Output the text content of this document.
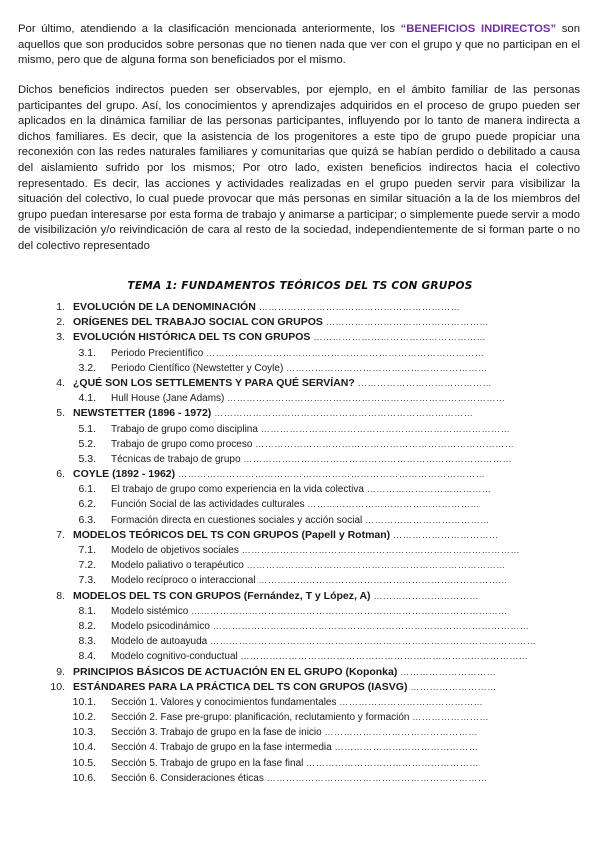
Por último, atendiendo a la clasificación mencionada anteriormente, los “BENEFICIOS INDIRECTOS” son aquellos que son producidos sobre personas que no tienen nada que ver con el grupo y que no participan en el mismo, pero que de alguna forma son beneficiados por el mismo.

Dichos beneficios indirectos pueden ser observables, por ejemplo, en el ámbito familiar de las personas participantes del grupo. Así, los conocimientos y aprendizajes adquiridos en el proceso de grupo pueden ser aplicados en la dinámica familiar de las personas participantes, influyendo por lo tanto de manera indirecta a dichos familiares. Es decir, que la asistencia de los progenitores a este tipo de grupo puede propiciar una reconexión con las redes naturales familiares y comunitarias que quizá se habían perdido o debilitado a causa del aislamiento sufrido por los mismos; Por otro lado, existen beneficios indirectos hacia el colectivo representado. Es decir, las acciones y actividades realizadas en el grupo pueden servir para visibilizar la situación del colectivo, lo cual puede provocar que más personas en similar situación a la de los miembros del grupo puedan interesarse por esta forma de trabajo y animarse a participar; o simplemente puede servir a modo de visibilización y/o reivindicación de cara al resto de la sociedad, independientemente de si forman parte o no del colectivo representado

TEMA 1: FUNDAMENTOS TEÓRICOS DEL TS CON GRUPOS
1. EVOLUCIÓN DE LA DENOMINACIÓN ………………………………………………………
2. ORÍGENES DEL TRABAJO SOCIAL CON GRUPOS ……………………………………………
3. EVOLUCIÓN HISTÓRICA DEL TS CON GRUPOS ………………………………………………
3.1. Periodo Precientífico ……………………………………………………………………………
3.2. Periodo Científico (Newstetter y Coyle) ………………………………………………………
4. ¿QUÉ SON LOS SETTLEMENTS Y PARA QUÉ SERVÍAN? ……………………………………
4.1. Hull House (Jane Adams) ……………………………………………………………………………
5. NEWSTETTER (1896 - 1972) ………………………………………………………………………
5.1. Trabajo de grupo como disciplina ……………………………………………………………………
5.2. Trabajo de grupo como proceso ………………………………………………………………………
5.3. Técnicas de trabajo de grupo …………………………………………………………………………
6. COYLE (1892 - 1962) ……………………………………………………………………………………
6.1. El trabajo de grupo como experiencia en la vida colectiva …………………………………
6.2. Función Social de las actividades culturales ………………………………………………
6.3. Formación directa en cuestiones sociales y acción social …………………………………
7. MODELOS TEÓRICOS DEL TS CON GRUPOS (Papell y Rotman) ……………………………
7.1. Modelo de objetivos sociales ……………………………………………………………………………
7.2. Modelo paliativo o terapéutico ………………………………………………………………………
7.3. Modelo recíproco o interaccional ……………………………………………………………………
8. MODELOS DEL TS CON GRUPOS (Fernández, T y López, A) ……………………………
8.1. Modelo sistémico ………………………………………………………………………………………
8.2. Modelo psicodinámico ………………………………………………………………………………………
8.3. Modelo de autoayuda …………………………………………………………………………………………
8.4. Modelo cognitivo-conductual ………………………………………………………………………………
9. PRINCIPIOS BÁSICOS DE ACTUACIÓN EN EL GRUPO (Koponka) …………………………
10. ESTÁNDARES PARA LA PRÁCTICA DEL TS CON GRUPOS (IASVG) ………………………
10.1. Sección 1. Valores y conocimientos fundamentales ………………………………………
10.2. Sección 2. Fase pre-grupo: planificación, reclutamiento y formación ……………………
10.3. Sección 3. Trabajo de grupo en la fase de inicio …………………………………………
10.4. Sección 4. Trabajo de grupo en la fase intermedia ………………………………………
10.5. Sección 5. Trabajo de grupo en la fase final ………………………………………………
10.6. Sección 6. Consideraciones éticas ……………………………………………………………
